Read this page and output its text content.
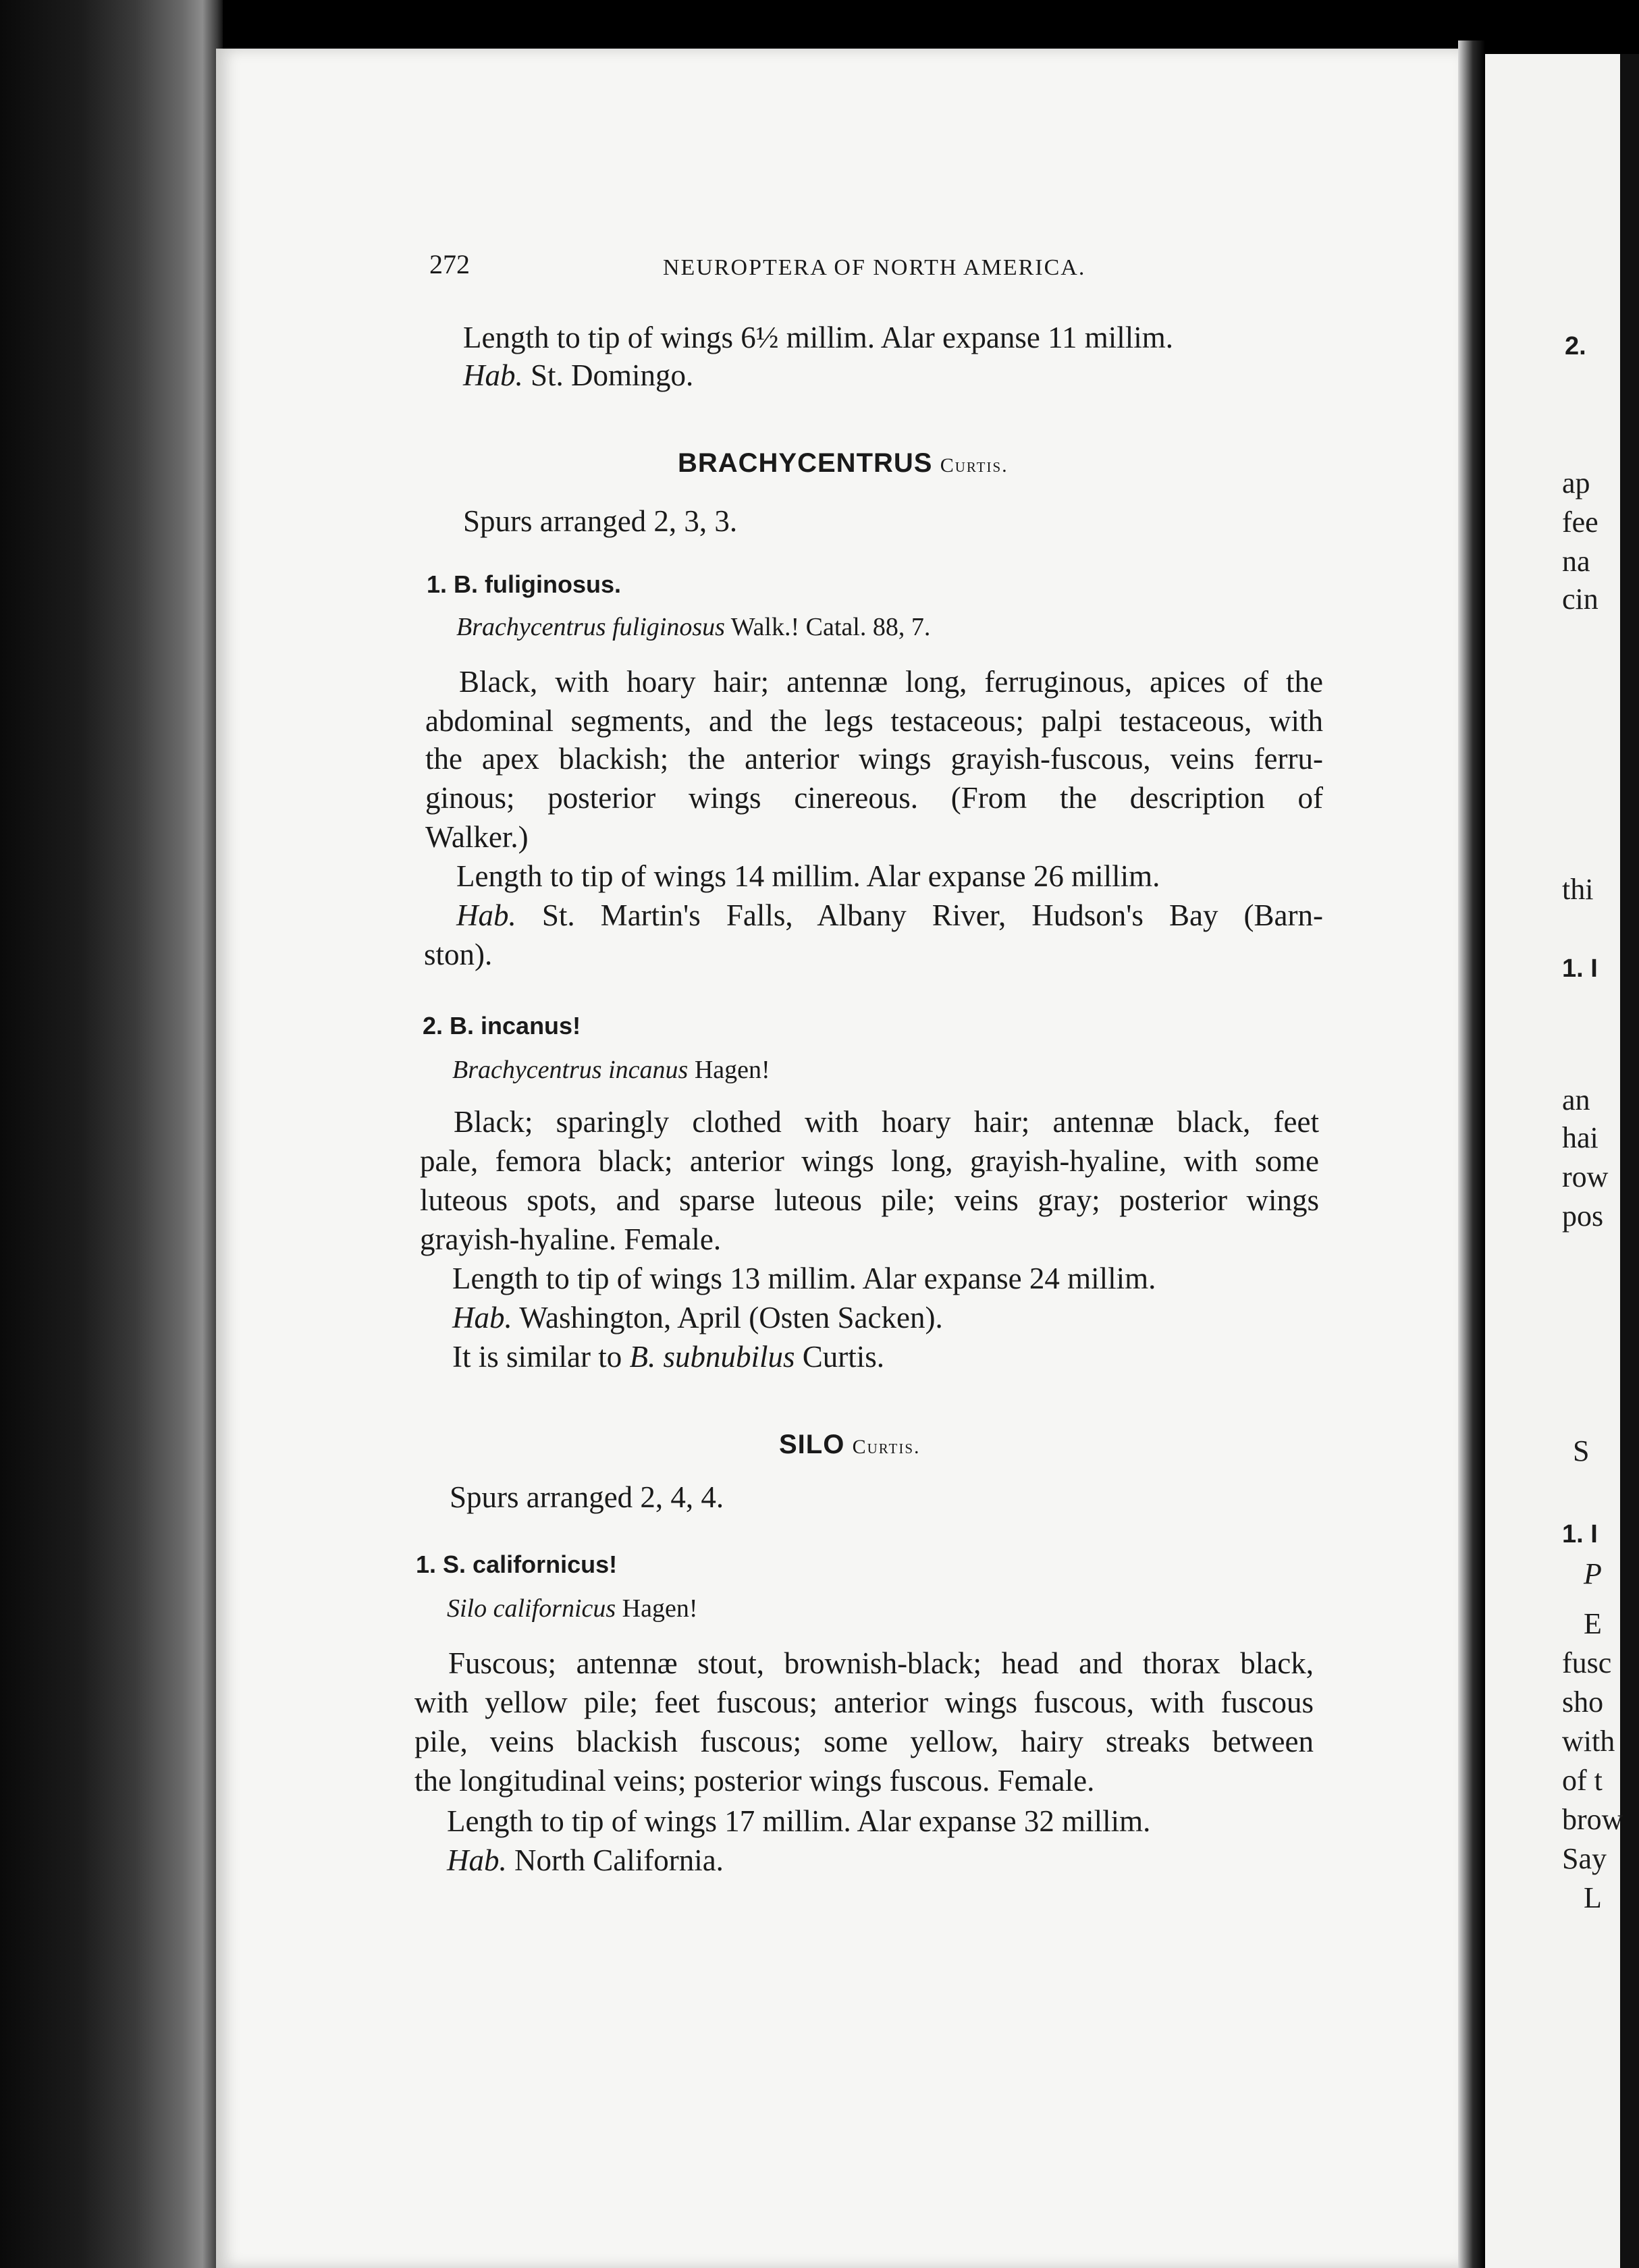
272	NEUROPTERA OF NORTH AMERICA.
Length to tip of wings 6½ millim. Alar expanse 11 millim.
Hab. St. Domingo.
BRACHYCENTRUS Curtis.
Spurs arranged 2, 3, 3.
1. B. fuliginosus.
Brachycentrus fuliginosus Walk.! Catal. 88, 7.
Black, with hoary hair; antennæ long, ferruginous, apices of the
abdominal segments, and the legs testaceous; palpi testaceous, with
the apex blackish; the anterior wings grayish-fuscous, veins ferru-
ginous; posterior wings cinereous. (From the description of
Walker.)
Length to tip of wings 14 millim. Alar expanse 26 millim.
Hab. St. Martin's Falls, Albany River, Hudson's Bay (Barn-
ston).
2. B. incanus!
Brachycentrus incanus Hagen!
Black; sparingly clothed with hoary hair; antennæ black, feet
pale, femora black; anterior wings long, grayish-hyaline, with some
luteous spots, and sparse luteous pile; veins gray; posterior wings
grayish-hyaline. Female.
Length to tip of wings 13 millim. Alar expanse 24 millim.
Hab. Washington, April (Osten Sacken).
It is similar to B. subnubilus Curtis.
SILO Curtis.
Spurs arranged 2, 4, 4.
1. S. californicus!
Silo californicus Hagen!
Fuscous; antennæ stout, brownish-black; head and thorax black,
with yellow pile; feet fuscous; anterior wings fuscous, with fuscous
pile, veins blackish fuscous; some yellow, hairy streaks between
the longitudinal veins; posterior wings fuscous. Female.
Length to tip of wings 17 millim. Alar expanse 32 millim.
Hab. North California.
2.
ap
fee
na
cin
thi
1. I
an
hai
row
pos
S
1. I
P
E
fusc
sho
with
of t
brow
Say
L
